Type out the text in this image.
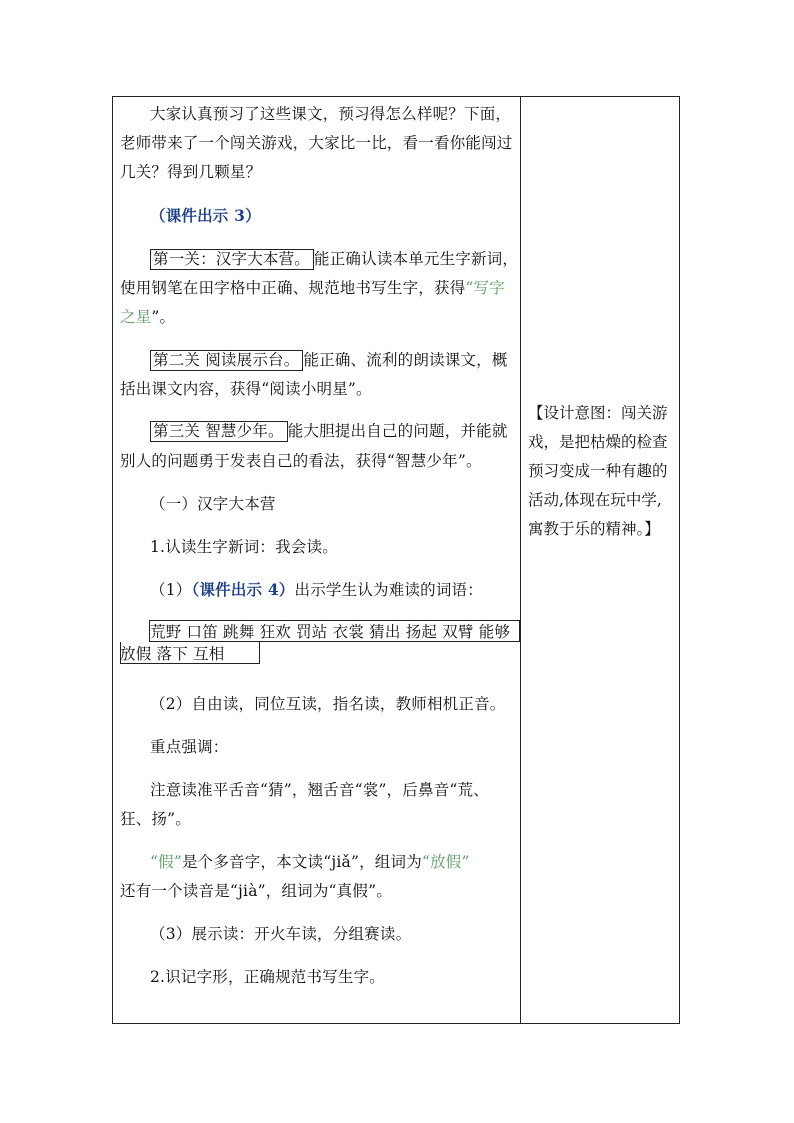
大家认真预习了这些课文，预习得怎么样呢？下面，
老师带来了一个闯关游戏，大家比一比，看一看你能闯过
几关？得到几颗星？
（课件出示 3）
第一关：汉字大本营。 能正确认读本单元生字新词，
使用钢笔在田字格中正确、规范地书写生字，获得“写字
之星”。
第二关 阅读展示台。 能正确、流利的朗读课文，概
括出课文内容，获得“阅读小明星”。
第三关 智慧少年。 能大胆提出自己的问题，并能就
别人的问题勇于发表自己的看法，获得“智慧少年”。
（一）汉字大本营
1.认读生字新词：我会读。
（1）（课件出示 4）出示学生认为难读的词语：
荒野 口笛 跳舞 狂欢 罚站 衣裳 猜出 扬起 双臂 能够
放假 落下 互相
（2）自由读，同位互读，指名读，教师相机正音。
重点强调：
注意读准平舌音“猜”，翘舌音“裳”，后鼻音“荒、
狂、扬”。
“假”是个多音字，本文读“jiǎ”，组词为“放假”
还有一个读音是“jià”，组词为“真假”。
（3）展示读：开火车读，分组赛读。
2.识记字形，正确规范书写生字。
【设计意图：闯关游
戏，是把枯燥的检查
预习变成一种有趣的
活动,体现在玩中学,
寓教于乐的精神。】
